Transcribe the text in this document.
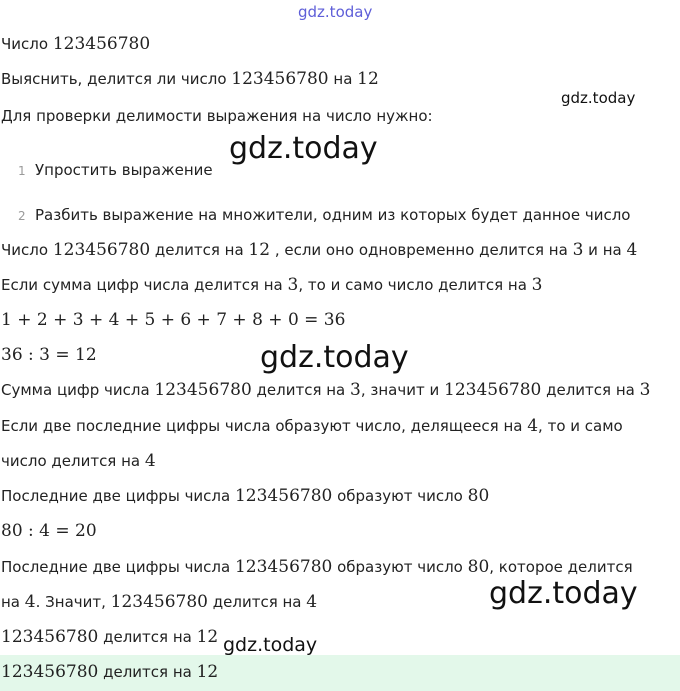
Число 123456780
Выяснить, делится ли число 123456780 на 12
Для проверки делимости выражения на число нужно:
1 Упростить выражение
2 Разбить выражение на множители, одним из которых будет данное число
Число 123456780 делится на 12 , если оно одновременно делится на 3 и на 4
Если сумма цифр числа делится на 3, то и само число делится на 3
1 + 2 + 3 + 4 + 5 + 6 + 7 + 8 + 0 = 36
36 : 3 = 12
Сумма цифр числа 123456780 делится на 3, значит и 123456780 делится на 3
Если две последние цифры числа образуют число, делящееся на 4, то и само
число делится на 4
Последние две цифры числа 123456780 образуют число 80
80 : 4 = 20
Последние две цифры числа 123456780 образуют число 80, которое делится
на 4. Значит, 123456780 делится на 4
123456780 делится на 12
123456780 делится на 12
gdz.today
gdz.today
gdz.today
gdz.today
gdz.today
gdz.today
